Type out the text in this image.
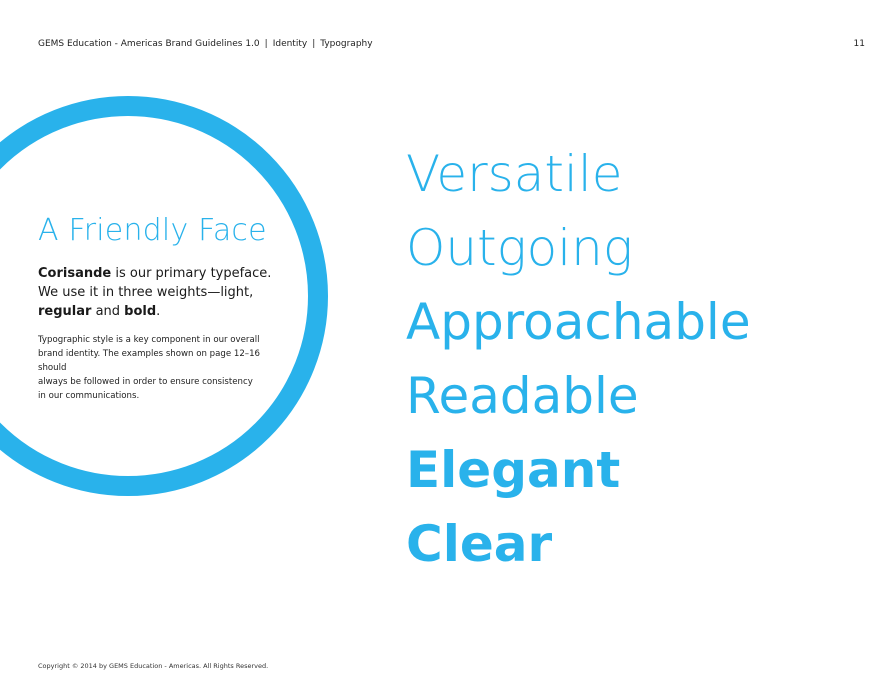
GEMS Education - Americas Brand Guidelines 1.0 | Identity | Typography	11
A Friendly Face
Corisande is our primary typeface. We use it in three weights—light, regular and bold.
Typographic style is a key component in our overall
brand identity. The examples shown on page 12–16 should
always be followed in order to ensure consistency
in our communications.
Versatile
Outgoing
Approachable
Readable
Elegant
Clear
Copyright © 2014 by GEMS Education - Americas. All Rights Reserved.
